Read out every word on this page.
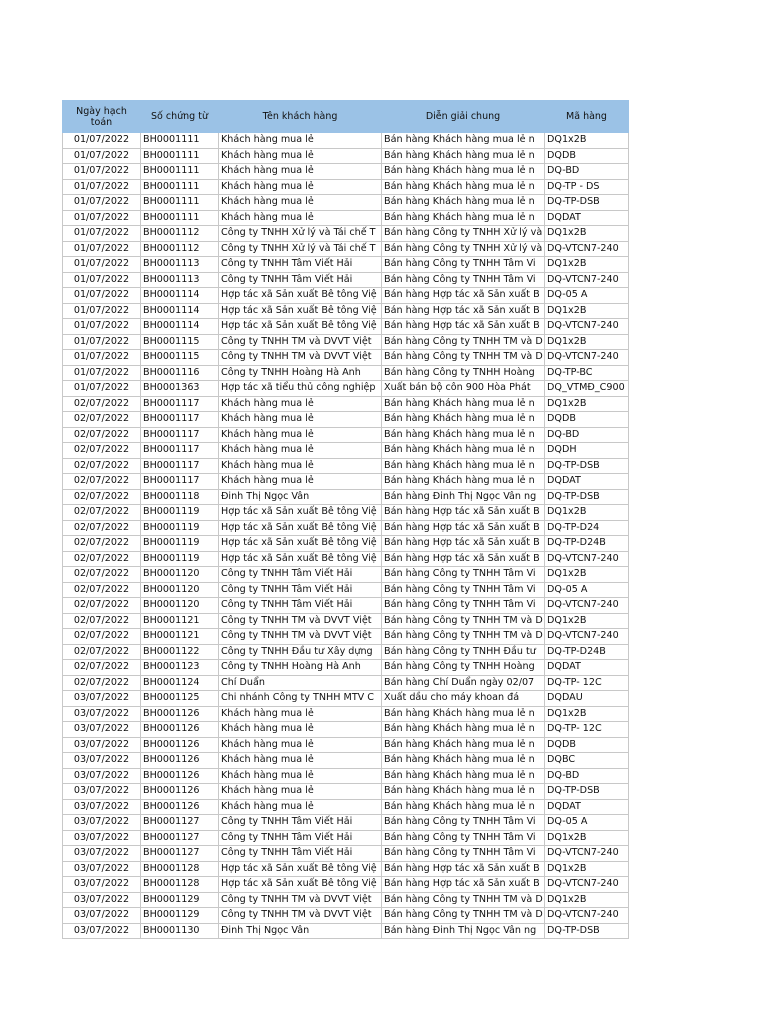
Ngày hạch toán	Số chứng từ	Tên khách hàng	Diễn giải chung	Mã hàng
01/07/2022	BH0001111	Khách hàng mua lẻ	Bán hàng Khách hàng mua lẻ n	DQ1x2B
01/07/2022	BH0001111	Khách hàng mua lẻ	Bán hàng Khách hàng mua lẻ n	DQDB
01/07/2022	BH0001111	Khách hàng mua lẻ	Bán hàng Khách hàng mua lẻ n	DQ-BD
01/07/2022	BH0001111	Khách hàng mua lẻ	Bán hàng Khách hàng mua lẻ n	DQ-TP - DS
01/07/2022	BH0001111	Khách hàng mua lẻ	Bán hàng Khách hàng mua lẻ n	DQ-TP-DSB
01/07/2022	BH0001111	Khách hàng mua lẻ	Bán hàng Khách hàng mua lẻ n	DQDAT
01/07/2022	BH0001112	Công ty TNHH Xử lý và Tái chế T	Bán hàng Công ty TNHH Xử lý và	DQ1x2B
01/07/2022	BH0001112	Công ty TNHH Xử lý và Tái chế T	Bán hàng Công ty TNHH Xử lý và	DQ-VTCN7-240
01/07/2022	BH0001113	Công ty TNHH Tâm Viết Hải	Bán hàng Công ty TNHH Tâm Vi	DQ1x2B
01/07/2022	BH0001113	Công ty TNHH Tâm Viết Hải	Bán hàng Công ty TNHH Tâm Vi	DQ-VTCN7-240
01/07/2022	BH0001114	Hợp tác xã Sản xuất Bê tông Việ	Bán hàng Hợp tác xã Sản xuất B	DQ-05 A
01/07/2022	BH0001114	Hợp tác xã Sản xuất Bê tông Việ	Bán hàng Hợp tác xã Sản xuất B	DQ1x2B
01/07/2022	BH0001114	Hợp tác xã Sản xuất Bê tông Việ	Bán hàng Hợp tác xã Sản xuất B	DQ-VTCN7-240
01/07/2022	BH0001115	Công ty TNHH TM và DVVT Việt	Bán hàng Công ty TNHH TM và D	DQ1x2B
01/07/2022	BH0001115	Công ty TNHH TM và DVVT Việt	Bán hàng Công ty TNHH TM và D	DQ-VTCN7-240
01/07/2022	BH0001116	Công ty TNHH Hoàng Hà Anh	Bán hàng Công ty TNHH Hoàng	DQ-TP-BC
01/07/2022	BH0001363	Hợp tác xã tiểu thủ công nghiệp	Xuất bán bộ côn 900 Hòa Phát	DQ_VTMĐ_C900
02/07/2022	BH0001117	Khách hàng mua lẻ	Bán hàng Khách hàng mua lẻ n	DQ1x2B
02/07/2022	BH0001117	Khách hàng mua lẻ	Bán hàng Khách hàng mua lẻ n	DQDB
02/07/2022	BH0001117	Khách hàng mua lẻ	Bán hàng Khách hàng mua lẻ n	DQ-BD
02/07/2022	BH0001117	Khách hàng mua lẻ	Bán hàng Khách hàng mua lẻ n	DQDH
02/07/2022	BH0001117	Khách hàng mua lẻ	Bán hàng Khách hàng mua lẻ n	DQ-TP-DSB
02/07/2022	BH0001117	Khách hàng mua lẻ	Bán hàng Khách hàng mua lẻ n	DQDAT
02/07/2022	BH0001118	Đinh Thị Ngọc Vân	Bán hàng Đinh Thị Ngọc Vân ng	DQ-TP-DSB
02/07/2022	BH0001119	Hợp tác xã Sản xuất Bê tông Việ	Bán hàng Hợp tác xã Sản xuất B	DQ1x2B
02/07/2022	BH0001119	Hợp tác xã Sản xuất Bê tông Việ	Bán hàng Hợp tác xã Sản xuất B	DQ-TP-D24
02/07/2022	BH0001119	Hợp tác xã Sản xuất Bê tông Việ	Bán hàng Hợp tác xã Sản xuất B	DQ-TP-D24B
02/07/2022	BH0001119	Hợp tác xã Sản xuất Bê tông Việ	Bán hàng Hợp tác xã Sản xuất B	DQ-VTCN7-240
02/07/2022	BH0001120	Công ty TNHH Tâm Viết Hải	Bán hàng Công ty TNHH Tâm Vi	DQ1x2B
02/07/2022	BH0001120	Công ty TNHH Tâm Viết Hải	Bán hàng Công ty TNHH Tâm Vi	DQ-05 A
02/07/2022	BH0001120	Công ty TNHH Tâm Viết Hải	Bán hàng Công ty TNHH Tâm Vi	DQ-VTCN7-240
02/07/2022	BH0001121	Công ty TNHH TM và DVVT Việt	Bán hàng Công ty TNHH TM và D	DQ1x2B
02/07/2022	BH0001121	Công ty TNHH TM và DVVT Việt	Bán hàng Công ty TNHH TM và D	DQ-VTCN7-240
02/07/2022	BH0001122	Công ty TNHH Đầu tư Xây dựng	Bán hàng Công ty TNHH Đầu tư	DQ-TP-D24B
02/07/2022	BH0001123	Công ty TNHH Hoàng Hà Anh	Bán hàng Công ty TNHH Hoàng	DQDAT
02/07/2022	BH0001124	Chí Duẩn	Bán hàng Chí Duẩn ngày 02/07	DQ-TP- 12C
03/07/2022	BH0001125	Chi nhánh Công ty TNHH MTV C	Xuất dầu cho máy khoan đá	DQDAU
03/07/2022	BH0001126	Khách hàng mua lẻ	Bán hàng Khách hàng mua lẻ n	DQ1x2B
03/07/2022	BH0001126	Khách hàng mua lẻ	Bán hàng Khách hàng mua lẻ n	DQ-TP- 12C
03/07/2022	BH0001126	Khách hàng mua lẻ	Bán hàng Khách hàng mua lẻ n	DQDB
03/07/2022	BH0001126	Khách hàng mua lẻ	Bán hàng Khách hàng mua lẻ n	DQBC
03/07/2022	BH0001126	Khách hàng mua lẻ	Bán hàng Khách hàng mua lẻ n	DQ-BD
03/07/2022	BH0001126	Khách hàng mua lẻ	Bán hàng Khách hàng mua lẻ n	DQ-TP-DSB
03/07/2022	BH0001126	Khách hàng mua lẻ	Bán hàng Khách hàng mua lẻ n	DQDAT
03/07/2022	BH0001127	Công ty TNHH Tâm Viết Hải	Bán hàng Công ty TNHH Tâm Vi	DQ-05 A
03/07/2022	BH0001127	Công ty TNHH Tâm Viết Hải	Bán hàng Công ty TNHH Tâm Vi	DQ1x2B
03/07/2022	BH0001127	Công ty TNHH Tâm Viết Hải	Bán hàng Công ty TNHH Tâm Vi	DQ-VTCN7-240
03/07/2022	BH0001128	Hợp tác xã Sản xuất Bê tông Việ	Bán hàng Hợp tác xã Sản xuất B	DQ1x2B
03/07/2022	BH0001128	Hợp tác xã Sản xuất Bê tông Việ	Bán hàng Hợp tác xã Sản xuất B	DQ-VTCN7-240
03/07/2022	BH0001129	Công ty TNHH TM và DVVT Việt	Bán hàng Công ty TNHH TM và D	DQ1x2B
03/07/2022	BH0001129	Công ty TNHH TM và DVVT Việt	Bán hàng Công ty TNHH TM và D	DQ-VTCN7-240
03/07/2022	BH0001130	Đinh Thị Ngọc Vân	Bán hàng Đinh Thị Ngọc Vân ng	DQ-TP-DSB
